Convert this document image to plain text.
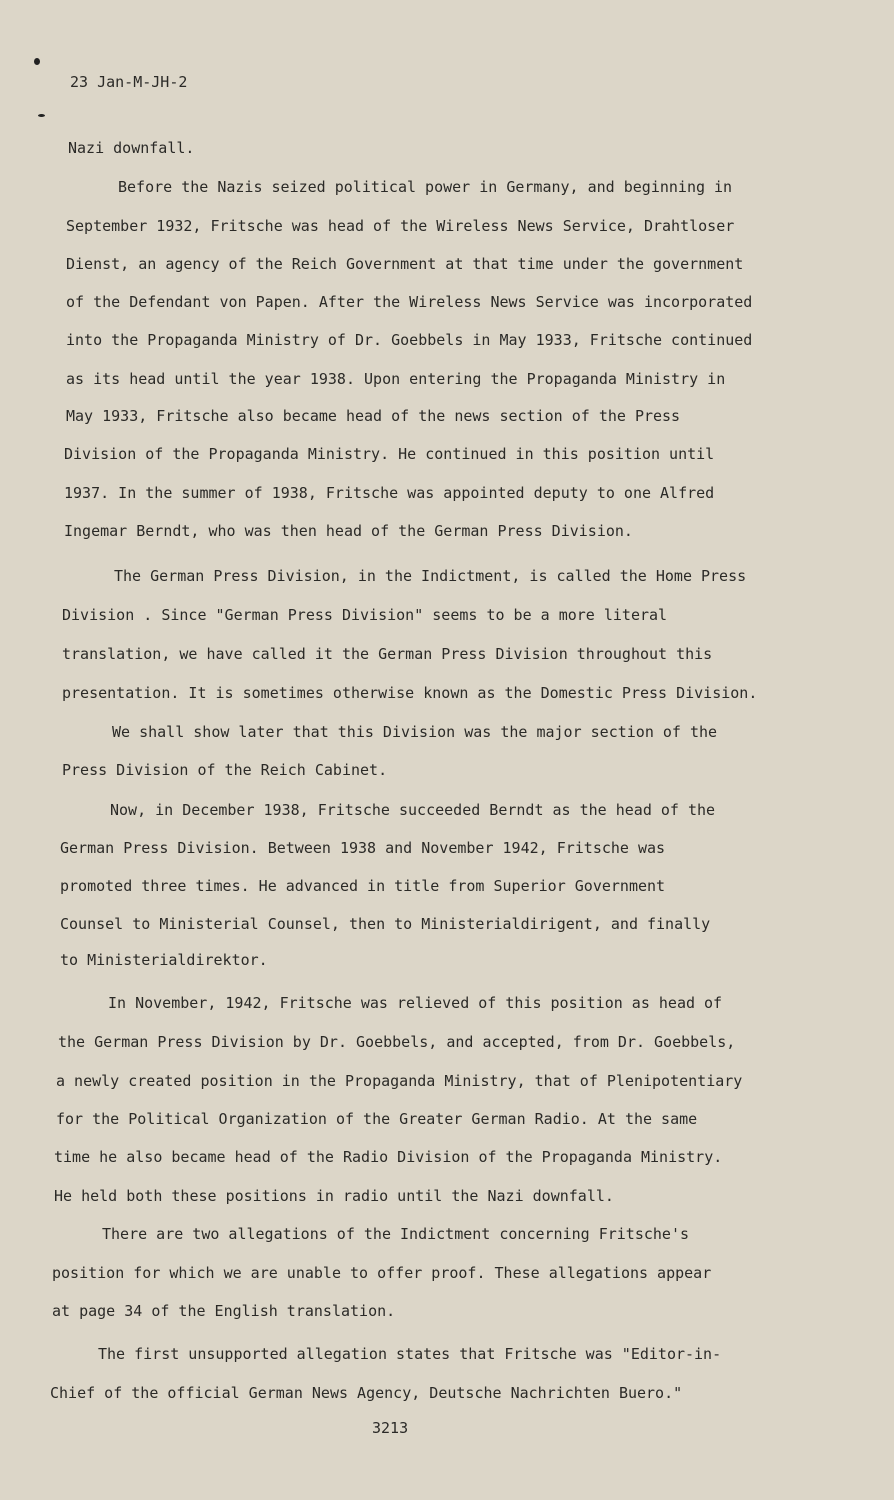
23 Jan-M-JH-2
Nazi downfall.
Before the Nazis seized political power in Germany, and beginning in
September 1932, Fritsche was head of the Wireless News Service, Drahtloser
Dienst, an agency of the Reich Government at that time under the government
of the Defendant von Papen. After the Wireless News Service was incorporated
into the Propaganda Ministry of Dr. Goebbels in May 1933, Fritsche continued
as its head until the year 1938. Upon entering the Propaganda Ministry in
May 1933, Fritsche also became head of the news section of the Press
Division of the Propaganda Ministry. He continued in this position until
1937. In the summer of 1938, Fritsche was appointed deputy to one Alfred
Ingemar Berndt, who was then head of the German Press Division.
The German Press Division, in the Indictment, is called the Home Press
Division . Since "German Press Division" seems to be a more literal
translation, we have called it the German Press Division throughout this
presentation. It is sometimes otherwise known as the Domestic Press Division.
We shall show later that this Division was the major section of the
Press Division of the Reich Cabinet.
Now, in December 1938, Fritsche succeeded Berndt as the head of the
German Press Division. Between 1938 and November 1942, Fritsche was
promoted three times. He advanced in title from Superior Government
Counsel to Ministerial Counsel, then to Ministerialdirigent, and finally
to Ministerialdirektor.
In November, 1942, Fritsche was relieved of this position as head of
the German Press Division by Dr. Goebbels, and accepted, from Dr. Goebbels,
a newly created position in the Propaganda Ministry, that of Plenipotentiary
for the Political Organization of the Greater German Radio. At the same
time he also became head of the Radio Division of the Propaganda Ministry.
He held both these positions in radio until the Nazi downfall.
There are two allegations of the Indictment concerning Fritsche's
position for which we are unable to offer proof. These allegations appear
at page 34 of the English translation.
The first unsupported allegation states that Fritsche was "Editor-in-
Chief of the official German News Agency, Deutsche Nachrichten Buero."
3213
